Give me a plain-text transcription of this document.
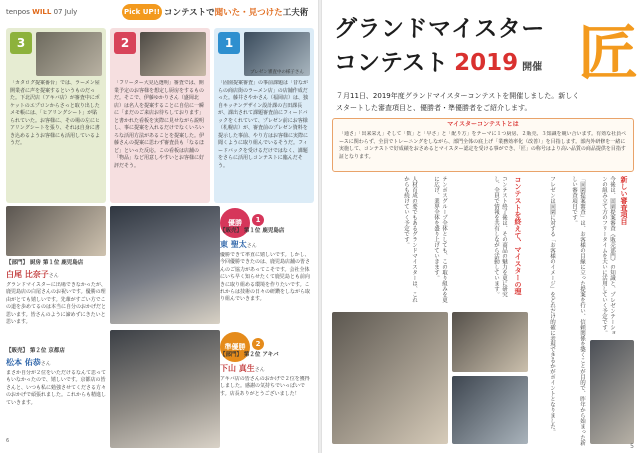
tenpos WILL 07 July	Pick UP!! コンテストで聞いた・見つけた工夫術
3
「カタログ提案番台」では、ラーメン屋開業者に声を提案するというものだった。下北沢店（アキバ店）が審査中にポケットのエプロンからさっと取り出したメモ帳には、「ヒアリングシート」が貼られていた。お客様に、その場の左にヒアリングシートを張り、それは自身に書き込めるようお客様にも活用しているようだ。
2
「フリーター大見込選明」審査では、開業予定のお客様を想定し厨房をするものだ。そこで、伊藤ゆかりさん（盛岡北店）は名人を提案することに自信に一瞬に「まだのご来店お待ちしております」と書かれた看板を実際に見せながら説明し、事に提案を入れるだけでなくいろいろな活用方法があることを提案した。伊藤さんの提案に思わず審査員も「なるほど」といった反応。この看板は店舗の「物品」など用意しやすいとお客様に好評だそう。
1
プレゼン審査中の様子さん
「固園提案審査」の事前課題は「昔ながらの商店街のラーメン店」の店舗作成だった。藤井さやかさん（福岡店）は、独自キッチンデザイン設計課の吉田課長が、課出されて課題審査前にフィードバックをくれていて、プレゼン前にお客様（札幌店）が、審査前のプレゼン資料を提示した事前、やり方はお客様に実際に聞くように取り組んでいるそうだ。フィードバックを受けるだけではなく、課題をさらに活用しコンテストに臨んだそう。
【部門】 厨房 第１位 鹿児島店
白尾 比奈子さん
グランドマイスターに出場できなかったが、鹿児島店の白尾さんのお祝いです。優勝の理由がとても嬉しいです。先輩がすごい方でこの道を歩めてるのは本当に自分のおかげだと思います。皆さんのように諦めずにきたいと思います。
【販売】 第２位 京都店
松本 佑恭さん
まさか自分が２位をいただけるなんて思ってもいなかったので、嬉しいです。京都店の皆さんと、いつも私に勉強させてくださる方々のおかげで頑張れました。これからも精進していきます。
6
優勝	1
【販売】 第１位 鹿児島店
東 聖太さん
優勝できて率直に嬉しいです。しかし、今回優勝できたのは、鹿児島店舗の皆さんのご協力があってこそです。会社全体にいち早く知らせたくて鹿児島とも前向きに取り組める環境を作りたいです。これからは技術の日々の研鑽をしながら取り組んでいきます。
準優勝	2
【部門】 第２位 アキバ
下山 真生さん
アキバ店の皆さんのおかげで２位を獲得しました。感謝の気持ちでいっぱいです。店長ありがとうございました！
グランドマイスター
コンテスト 2019 開催 匠
７月11日、2019年度グランドマイスターコンテストを開催しました。新しくスタートした審査項目と、優勝者・準優勝者をご紹介します。
マイスターコンテストとは
「通さ」「出来栄え」そして「数」と「早さ」と「配り方」をテーマに１つ厨房、２販売、３知識を競い合います。有効な社員ペースに関わらず、全員でトレーニングをしながら、部門全体の底上げ「業務効率化（改善）」を目指します。部内外研修を一緒に実施して、コンテストで好成績をおさめるとマイスター認定を受ける事ができ、「匠」の称号はより高い品質の商品提供を目指す証となります。
新しい審査項目
今後は、固園提案審査（販売部門）の知識と、プレゼンテーションの組み立て方のフリータイムを大いに活用していく予定です。
「固園提案審査」は、お客様の目線に立った提案を行い、信頼関係を築くことが目的で、昨年から始まった新しい審査項目です。
フレゼンは固園に対する「お客様のイメージ」をどれだけ的確に表現できるかがポイントとなりました。
コンテストを終えて、マイスターの理
コンテスト終了後は、その商品の魅力を更に研究し、全員で情報を共有しながら活動しています。
テンポスグループ全体としても、この取り組みを更に広げ、業界全体を盛り上げていきます。
人材育成の要でもあるグランドマイスターは、これからも続けていく予定です。
5
